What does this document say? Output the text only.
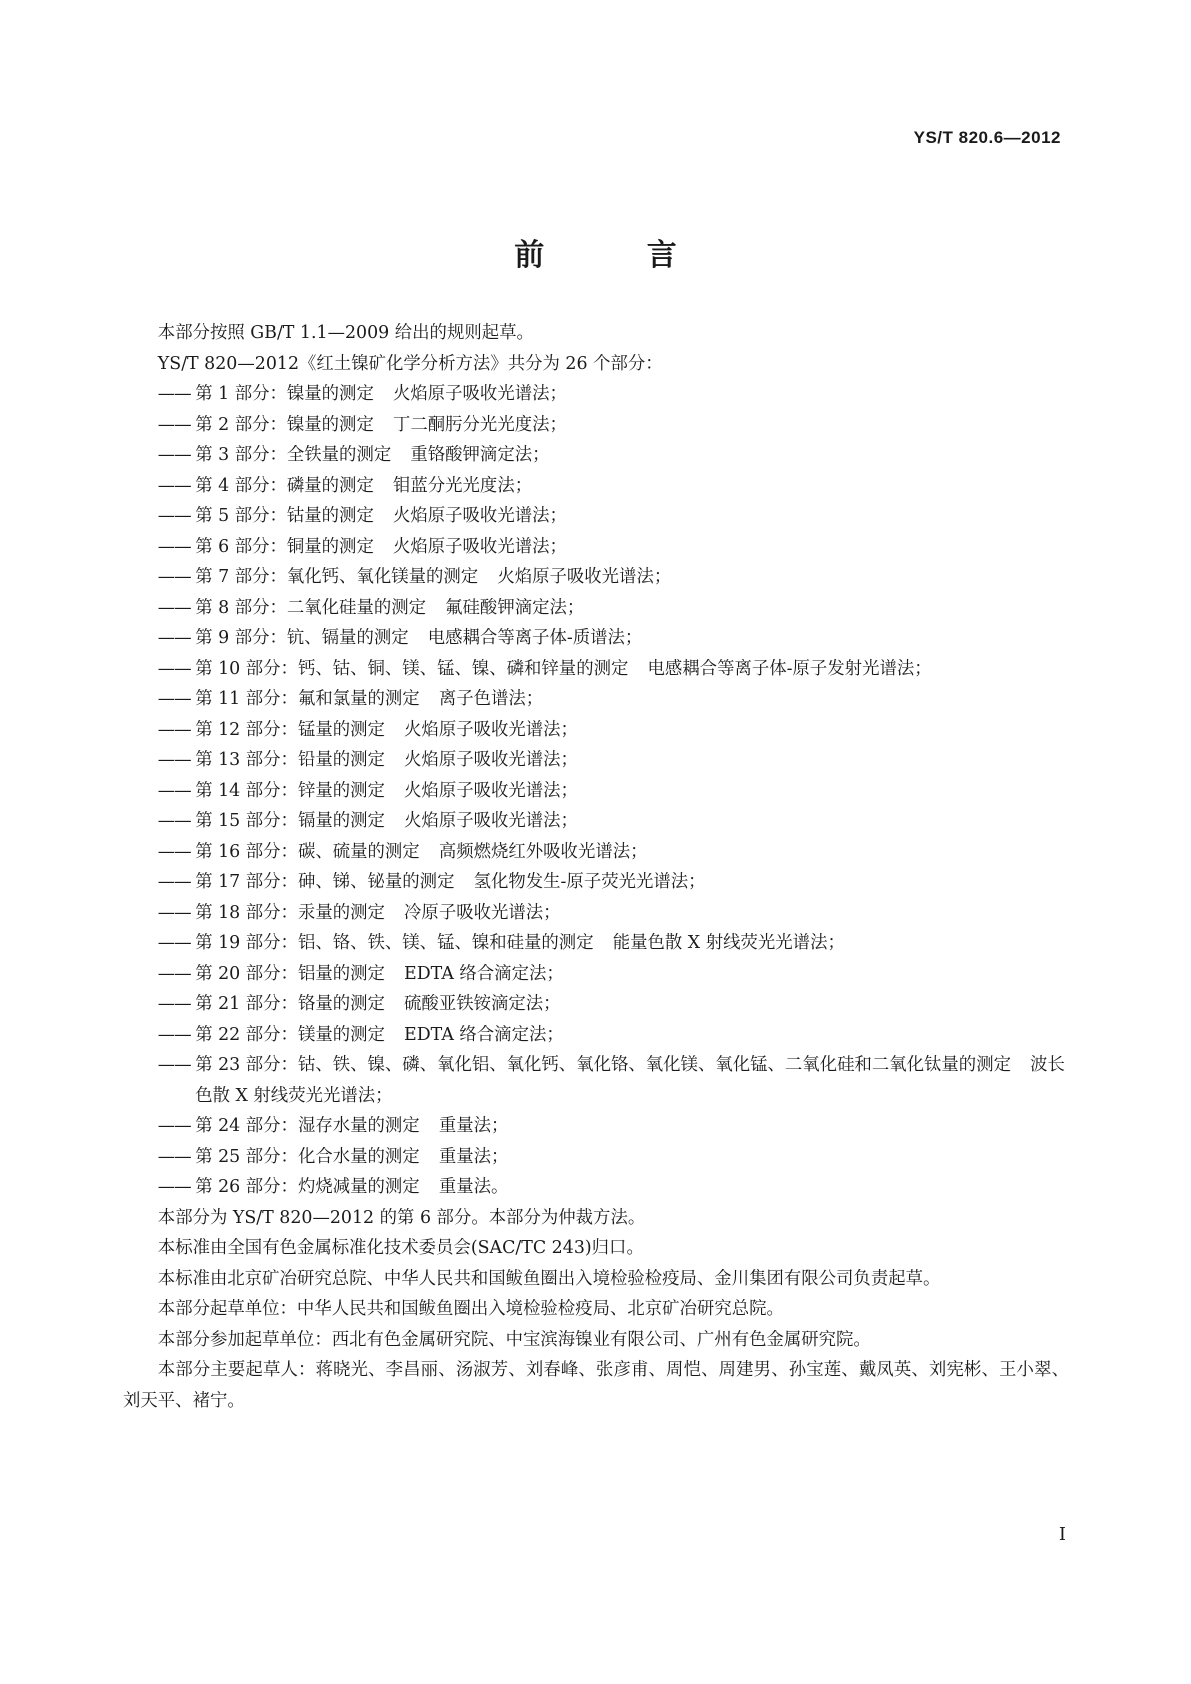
YS/T 820.6—2012
前 言

本部分按照 GB/T 1.1—2009 给出的规则起草。

YS/T 820—2012《红土镍矿化学分析方法》共分为 26 个部分：

—— 第 1 部分：镍量的测定 火焰原子吸收光谱法；
—— 第 2 部分：镍量的测定 丁二酮肟分光光度法；
—— 第 3 部分：全铁量的测定 重铬酸钾滴定法；
—— 第 4 部分：磷量的测定 钼蓝分光光度法；
—— 第 5 部分：钴量的测定 火焰原子吸收光谱法；
—— 第 6 部分：铜量的测定 火焰原子吸收光谱法；
—— 第 7 部分：氧化钙、氧化镁量的测定 火焰原子吸收光谱法；
—— 第 8 部分：二氧化硅量的测定 氟硅酸钾滴定法；
—— 第 9 部分：钪、镉量的测定 电感耦合等离子体-质谱法；
—— 第 10 部分：钙、钴、铜、镁、锰、镍、磷和锌量的测定 电感耦合等离子体-原子发射光谱法；
—— 第 11 部分：氟和氯量的测定 离子色谱法；
—— 第 12 部分：锰量的测定 火焰原子吸收光谱法；
—— 第 13 部分：铅量的测定 火焰原子吸收光谱法；
—— 第 14 部分：锌量的测定 火焰原子吸收光谱法；
—— 第 15 部分：镉量的测定 火焰原子吸收光谱法；
—— 第 16 部分：碳、硫量的测定 高频燃烧红外吸收光谱法；
—— 第 17 部分：砷、锑、铋量的测定 氢化物发生-原子荧光光谱法；
—— 第 18 部分：汞量的测定 冷原子吸收光谱法；
—— 第 19 部分：铝、铬、铁、镁、锰、镍和硅量的测定 能量色散 X 射线荧光光谱法；
—— 第 20 部分：铝量的测定 EDTA 络合滴定法；
—— 第 21 部分：铬量的测定 硫酸亚铁铵滴定法；
—— 第 22 部分：镁量的测定 EDTA 络合滴定法；
—— 第 23 部分：钴、铁、镍、磷、氧化铝、氧化钙、氧化铬、氧化镁、氧化锰、二氧化硅和二氧化钛量的测定 波长色散 X 射线荧光光谱法；
—— 第 24 部分：湿存水量的测定 重量法；
—— 第 25 部分：化合水量的测定 重量法；
—— 第 26 部分：灼烧减量的测定 重量法。

本部分为 YS/T 820—2012 的第 6 部分。本部分为仲裁方法。

本标准由全国有色金属标准化技术委员会(SAC/TC 243)归口。

本标准由北京矿冶研究总院、中华人民共和国鲅鱼圈出入境检验检疫局、金川集团有限公司负责起草。

本部分起草单位：中华人民共和国鲅鱼圈出入境检验检疫局、北京矿冶研究总院。

本部分参加起草单位：西北有色金属研究院、中宝滨海镍业有限公司、广州有色金属研究院。

本部分主要起草人：蒋晓光、李昌丽、汤淑芳、刘春峰、张彦甫、周恺、周建男、孙宝莲、戴凤英、刘宪彬、王小翠、刘天平、褚宁。

I
